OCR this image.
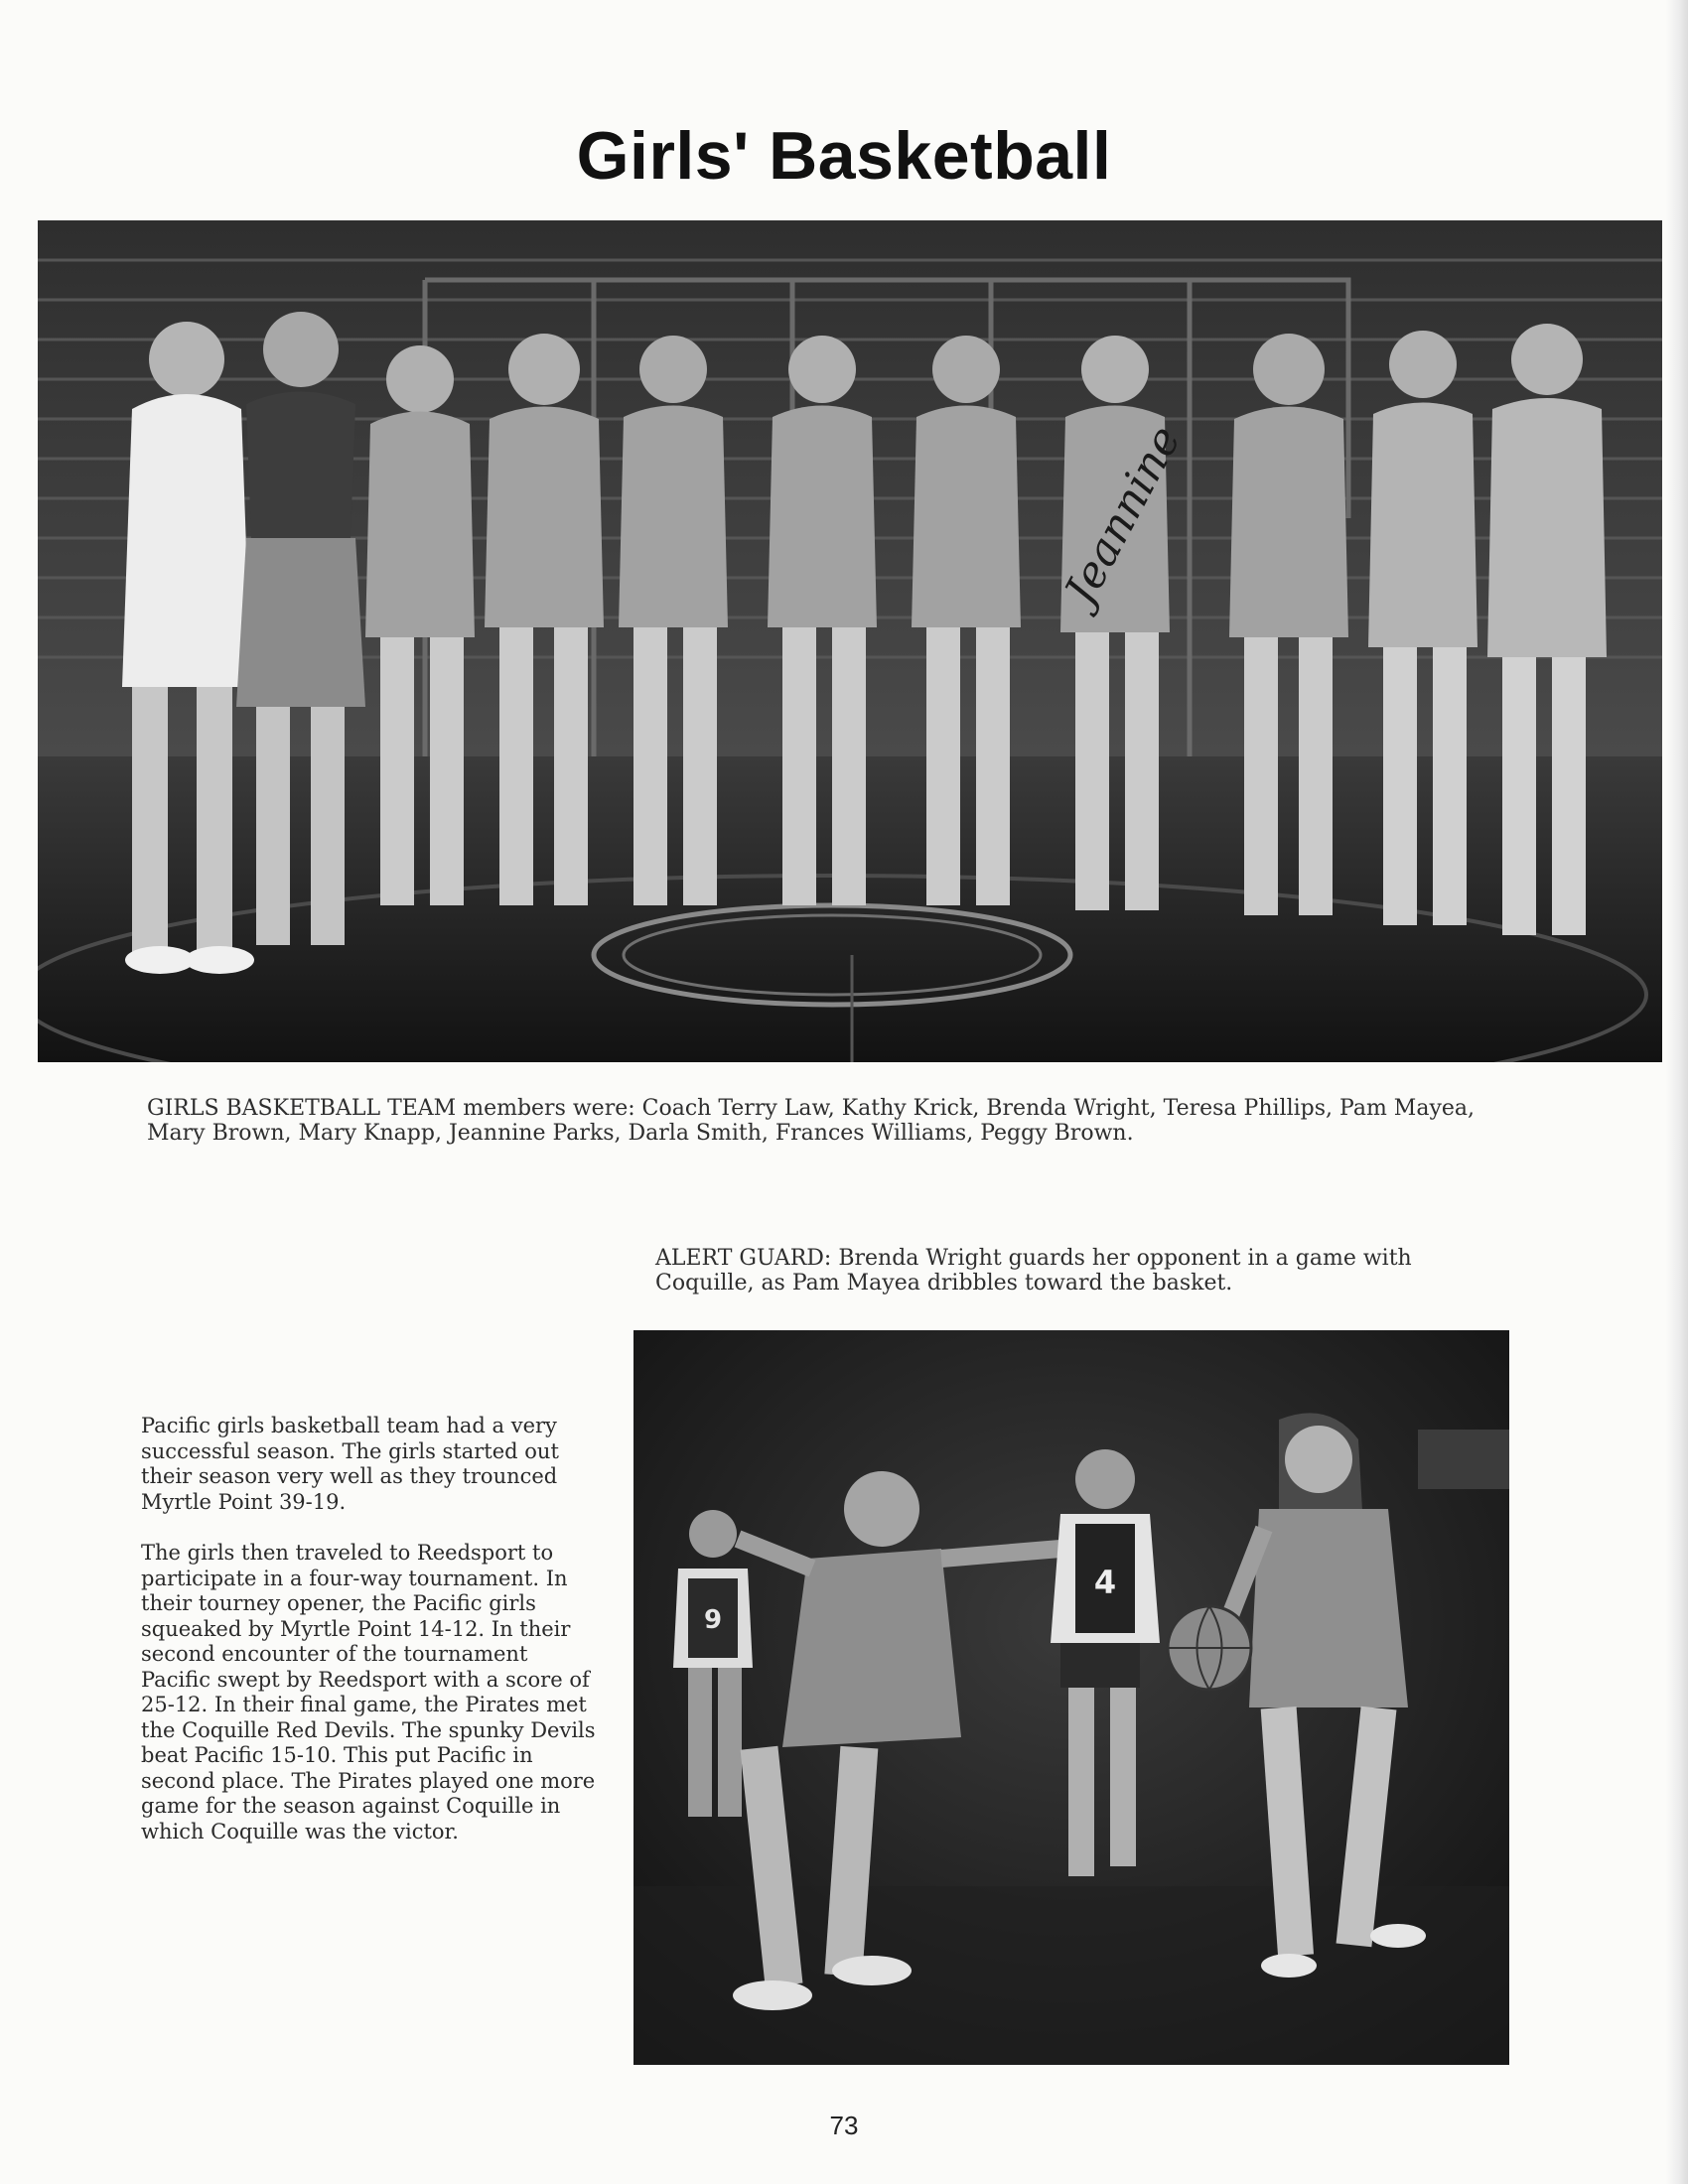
Girls' Basketball
Jeannine

GIRLS BASKETBALL TEAM members were: Coach Terry Law, Kathy Krick, Brenda Wright, Teresa Phillips, Pam Mayea, Mary Brown, Mary Knapp, Jeannine Parks, Darla Smith, Frances Williams, Peggy Brown.

ALERT GUARD: Brenda Wright guards her opponent in a game with Coquille, as Pam Mayea dribbles toward the basket.

9
4

Pacific girls basketball team had a very successful season. The girls started out their season very well as they trounced Myrtle Point 39-19.

The girls then traveled to Reedsport to participate in a four-way tournament. In their tourney opener, the Pacific girls squeaked by Myrtle Point 14-12. In their second encounter of the tournament Pacific swept by Reedsport with a score of 25-12. In their final game, the Pirates met the Coquille Red Devils. The spunky Devils beat Pacific 15-10. This put Pacific in second place. The Pirates played one more game for the season against Coquille in which Coquille was the victor.

73
